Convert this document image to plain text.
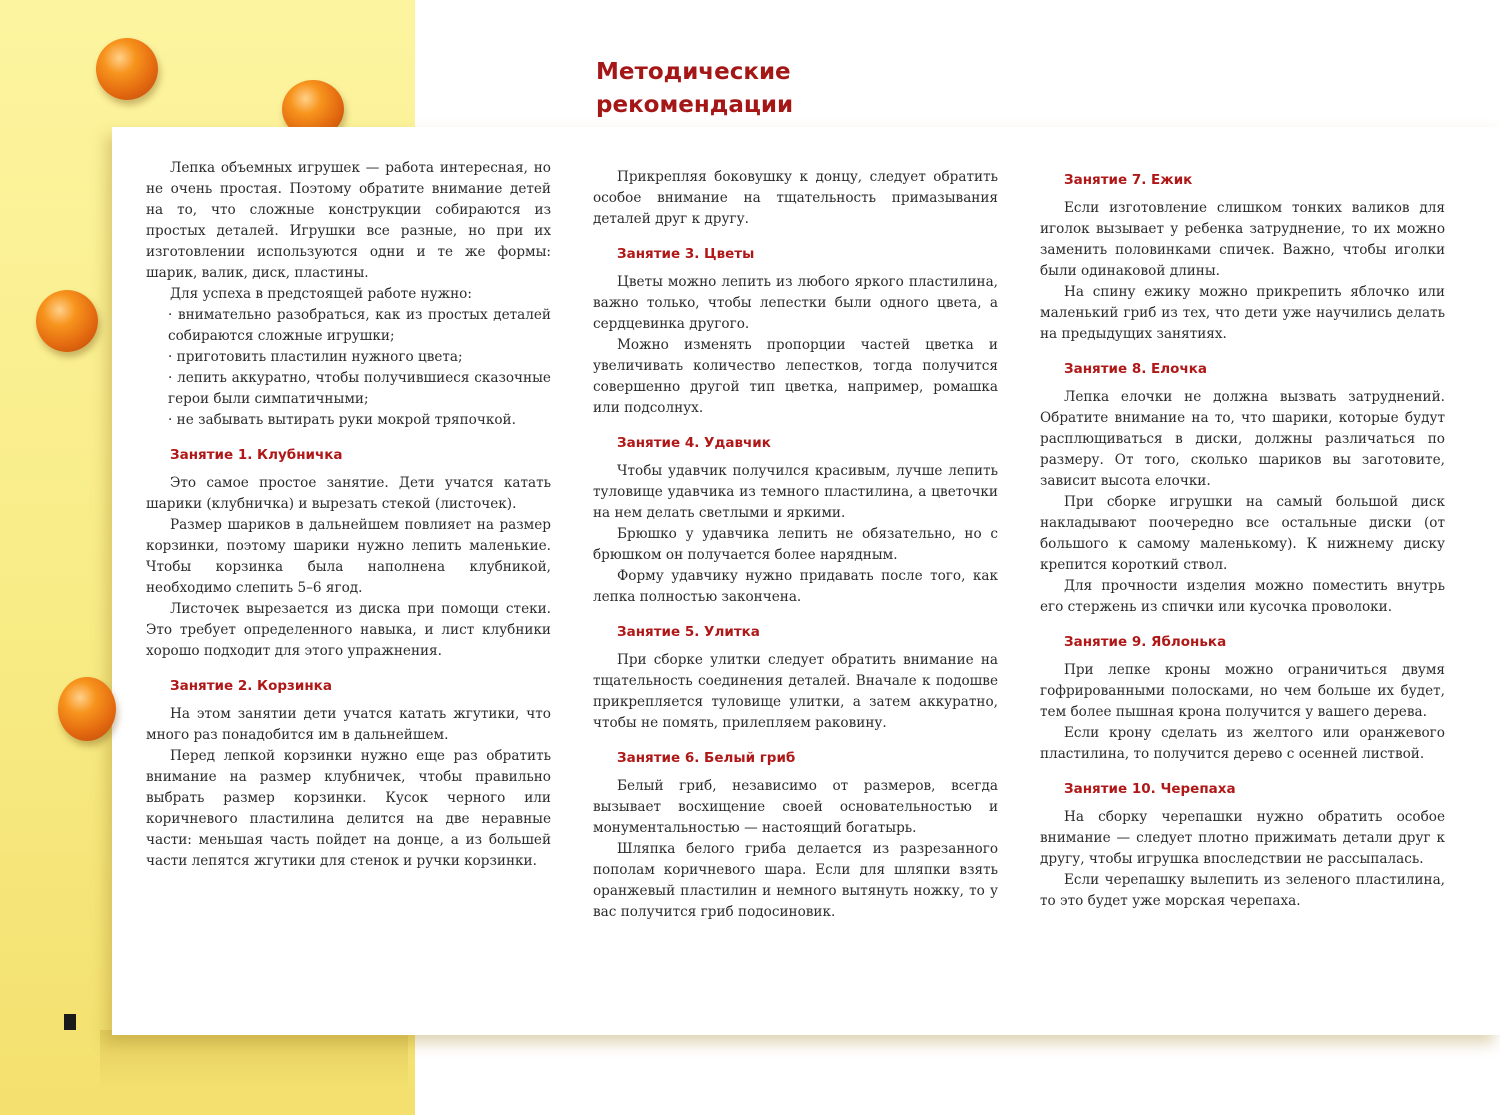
Методические
рекомендации

Лепка объемных игрушек — работа интересная, но не очень простая. Поэтому обратите внимание детей на то, что сложные конструкции собираются из простых деталей. Игрушки все разные, но при их изготовлении используются одни и те же формы: шарик, валик, диск, пластины.

Для успеха в предстоящей работе нужно:

· внимательно разобраться, как из простых деталей собираются сложные игрушки;

· приготовить пластилин нужного цвета;

· лепить аккуратно, чтобы получившиеся сказочные герои были симпатичными;

· не забывать вытирать руки мокрой тряпочкой.

Занятие 1. Клубничка

Это самое простое занятие. Дети учатся катать шарики (клубничка) и вырезать стекой (листочек).

Размер шариков в дальнейшем повлияет на размер корзинки, поэтому шарики нужно лепить маленькие. Чтобы корзинка была наполнена клубникой, необходимо слепить 5–6 ягод.

Листочек вырезается из диска при помощи стеки. Это требует определенного навыка, и лист клубники хорошо подходит для этого упражнения.

Занятие 2. Корзинка

На этом занятии дети учатся катать жгутики, что много раз понадобится им в дальнейшем.

Перед лепкой корзинки нужно еще раз обратить внимание на размер клубничек, чтобы правильно выбрать размер корзинки. Кусок черного или коричневого пластилина делится на две неравные части: меньшая часть пойдет на донце, а из большей части лепятся жгутики для стенок и ручки корзинки.

Прикрепляя боковушку к донцу, следует обратить особое внимание на тщательность примазывания деталей друг к другу.

Занятие 3. Цветы

Цветы можно лепить из любого яркого пластилина, важно только, чтобы лепестки были одного цвета, а сердцевинка другого.

Можно изменять пропорции частей цветка и увеличивать количество лепестков, тогда получится совершенно другой тип цветка, например, ромашка или подсолнух.

Занятие 4. Удавчик

Чтобы удавчик получился красивым, лучше лепить туловище удавчика из темного пластилина, а цветочки на нем делать светлыми и яркими.

Брюшко у удавчика лепить не обязательно, но с брюшком он получается более нарядным.

Форму удавчику нужно придавать после того, как лепка полностью закончена.

Занятие 5. Улитка

При сборке улитки следует обратить внимание на тщательность соединения деталей. Вначале к подошве прикрепляется туловище улитки, а затем аккуратно, чтобы не помять, прилепляем раковину.

Занятие 6. Белый гриб

Белый гриб, независимо от размеров, всегда вызывает восхищение своей основательностью и монументальностью — настоящий богатырь.

Шляпка белого гриба делается из разрезанного пополам коричневого шара. Если для шляпки взять оранжевый пластилин и немного вытянуть ножку, то у вас получится гриб подосиновик.

Занятие 7. Ежик

Если изготовление слишком тонких валиков для иголок вызывает у ребенка затруднение, то их можно заменить половинками спичек. Важно, чтобы иголки были одинаковой длины.

На спину ежику можно прикрепить яблочко или маленький гриб из тех, что дети уже научились делать на предыдущих занятиях.

Занятие 8. Елочка

Лепка елочки не должна вызвать затруднений. Обратите внимание на то, что шарики, которые будут расплющиваться в диски, должны различаться по размеру. От того, сколько шариков вы заготовите, зависит высота елочки.

При сборке игрушки на самый большой диск накладывают поочередно все остальные диски (от большого к самому маленькому). К нижнему диску крепится короткий ствол.

Для прочности изделия можно поместить внутрь его стержень из спички или кусочка проволоки.

Занятие 9. Яблонька

При лепке кроны можно ограничиться двумя гофрированными полосками, но чем больше их будет, тем более пышная крона получится у вашего дерева.

Если крону сделать из желтого или оранжевого пластилина, то получится дерево с осенней листвой.

Занятие 10. Черепаха

На сборку черепашки нужно обратить особое внимание — следует плотно прижимать детали друг к другу, чтобы игрушка впоследствии не рассыпалась.

Если черепашку вылепить из зеленого пластилина, то это будет уже морская черепаха.
